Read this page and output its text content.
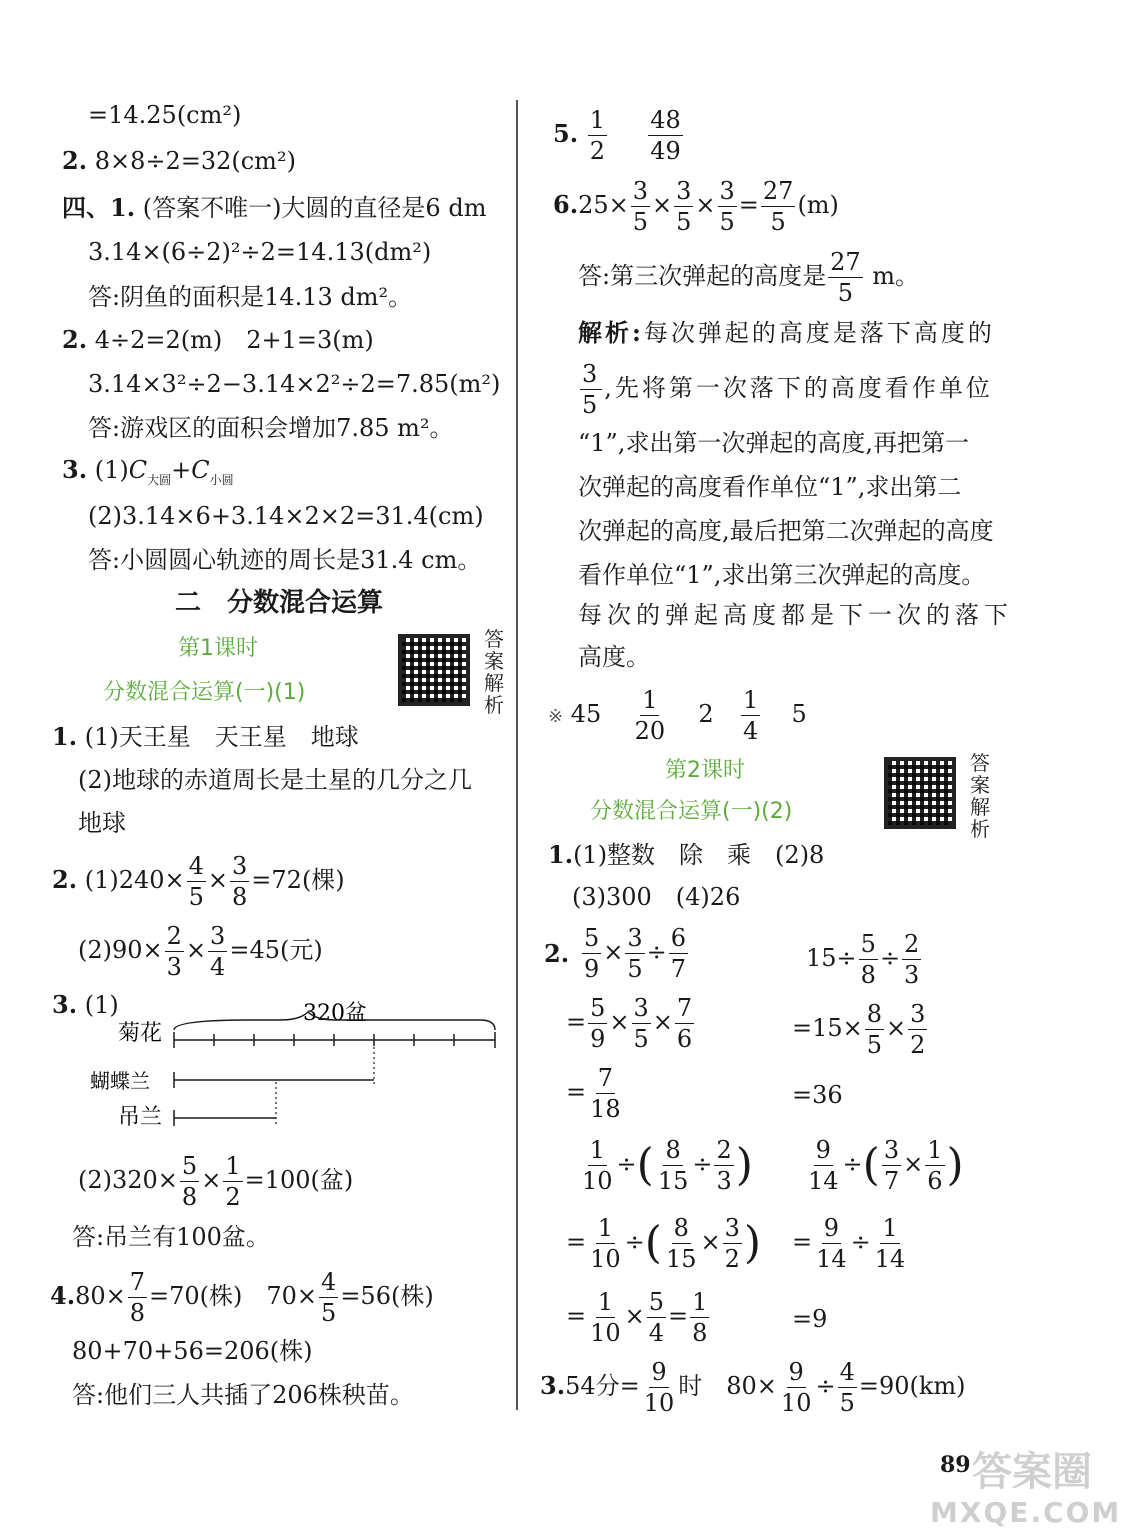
=14.25(cm²)
2. 8×8÷2=32(cm²)
四、1. (答案不唯一)大圆的直径是6 dm
3.14×(6÷2)²÷2=14.13(dm²)
答:阴鱼的面积是14.13 dm²。
2. 4÷2=2(m)　2+1=3(m)
3.14×3²÷2−3.14×2²÷2=7.85(m²)
答:游戏区的面积会增加7.85 m²。
3. $(1)C_{大圆}+C_{小圆}$
(2)3.14×6+3.14×2×2=31.4(cm)
答:小圆圆心轨迹的周长是31.4 cm。
二　分数混合运算
第1课时
分数混合运算(一)(1)
答案解析
1. (1)天王星　天王星　地球
(2)地球的赤道周长是土星的几分之几
地球
2. $(1)240\times \frac{4}{5} \times \frac{3}{8} =72$(棵)
$(2)90\times \frac{2}{3} \times \frac{3}{4} =45$(元)
3. (1)	320盆
菊花
蝴蝶兰
吊兰
$(2)320\times \frac{5}{8} \times \frac{1}{2} =100$(盆)
答:吊兰有100盆。
$4.80\times \frac{7}{8} =70$(株)　$70\times \frac{4}{5} =56$(株)
80+70+56=206(株)
答:他们三人共插了206株秧苗。
5. $\frac{1}{2}$
$\frac{48}{49}$
$6.25\times \frac{3}{5} \times \frac{3}{5} \times \frac{3}{5} = \frac{27}{5} (m)$
答:第三次弹起的高度是 $\frac{27}{5}$ m。
解析:每次弹起的高度是落下高度的
$\frac{3}{5}$ ,先将第一次落下的高度看作单位
“1”,求出第一次弹起的高度,再把第一
次弹起的高度看作单位“1”,求出第二
次弹起的高度,最后把第二次弹起的高度
看作单位“1”,求出第三次弹起的高度。
每次的弹起高度都是下一次的落下
高度。
※ $45 \frac{1}{20} 2 \frac{1}{4} 5$
第2课时
分数混合运算(一)(2)
答案解析
1.(1)整数　除　乘　(2)8
(3)300　(4)26
2. $\frac{5}{9} \times \frac{3}{5} \div \frac{6}{7}$	$15\div \frac{5}{8} \div \frac{2}{3}$
= $\frac{5}{9} \times \frac{3}{5} \times \frac{7}{6}$	$=15\times \frac{8}{5} \times \frac{3}{2}$
= $\frac{7}{18}$	=36
$\frac{1}{10}$ ÷( $\frac{8}{15} \div \frac{2}{3}$ ) $\frac{9}{14}$ ÷( $\frac{3}{7} \times \frac{1}{6}$ )
= $\frac{1}{10}$ ÷( $\frac{8}{15} \times \frac{3}{2}$ ) = $\frac{9}{14} \div \frac{1}{14}$
= $\frac{1}{10} \times \frac{5}{4} = \frac{1}{8}$	=9
3.54分= $\frac{9}{10}$ 时　$80\times \frac{9}{10} \div \frac{4}{5} =90(km)$
89 答案圈
MXQE.COM
